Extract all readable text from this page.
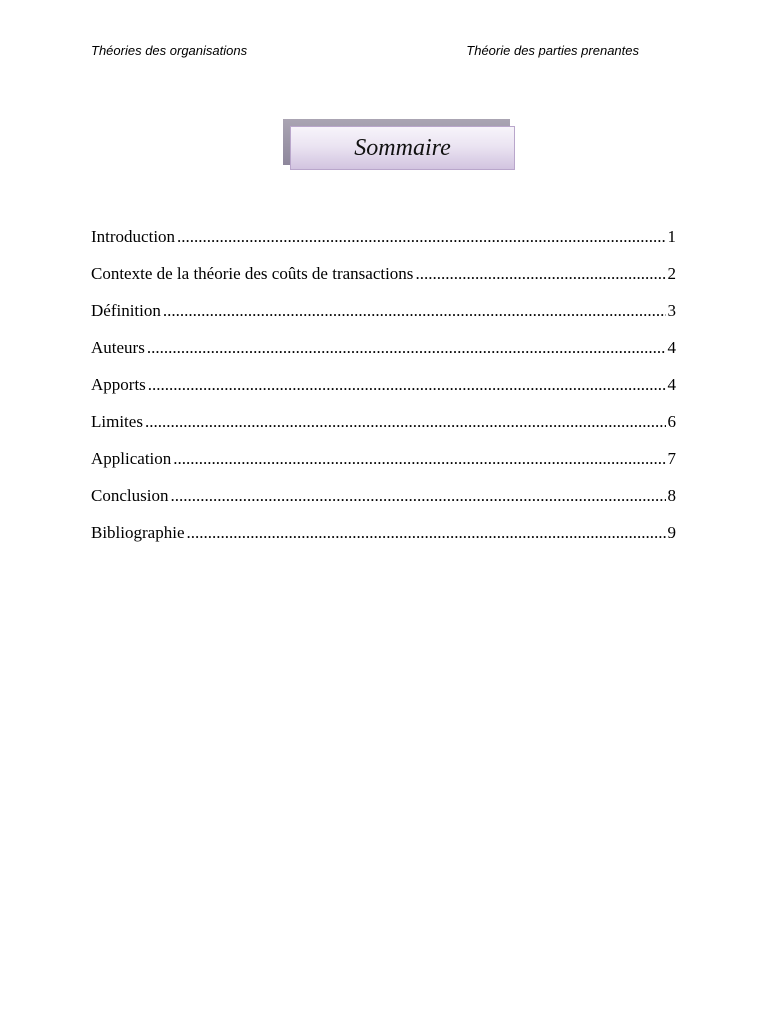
Théories des organisations	Théorie des parties prenantes
Sommaire
Introduction .....	1
Contexte de la théorie des coûts de transactions .....	2
Définition .....	3
Auteurs .....	4
Apports .....	4
Limites .....	6
Application .....	7
Conclusion .....	8
Bibliographie .....	9
